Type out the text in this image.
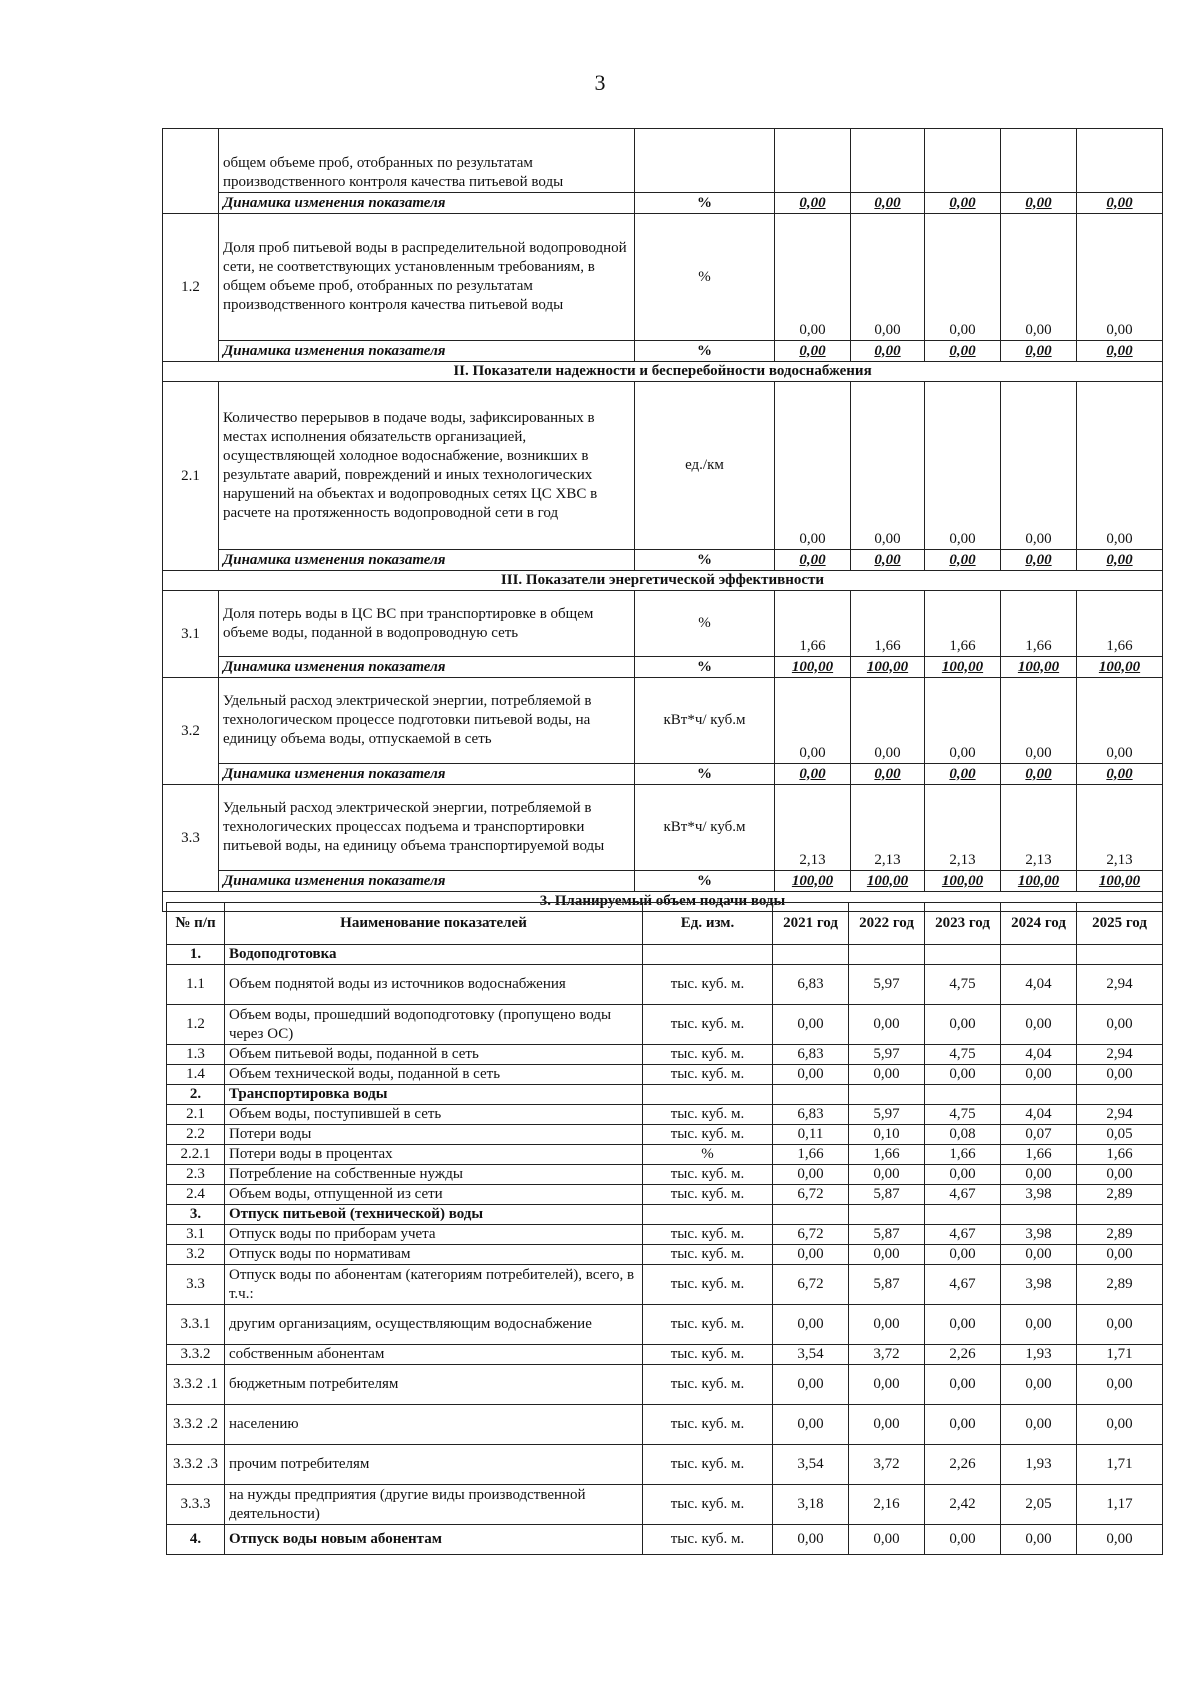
3
	общем объеме проб, отобранных по результатам производственного контроля качества питьевой воды						
	Динамика изменения показателя	%	0,00	0,00	0,00	0,00	0,00
1.2	Доля проб питьевой воды в распределительной водопроводной сети, не соответствующих установленным требованиям, в общем объеме проб, отобранных по результатам производственного контроля качества питьевой воды	%	0,00	0,00	0,00	0,00	0,00
	Динамика изменения показателя	%	0,00	0,00	0,00	0,00	0,00
II. Показатели надежности и бесперебойности водоснабжения							
2.1	Количество перерывов в подаче воды, зафиксированных в местах исполнения обязательств организацией, осуществляющей холодное водоснабжение, возникших в результате аварий, повреждений и иных технологических нарушений на объектах и водопроводных сетях ЦС ХВС в расчете на протяженность водопроводной сети в год	ед./км	0,00	0,00	0,00	0,00	0,00
	Динамика изменения показателя	%	0,00	0,00	0,00	0,00	0,00
III. Показатели энергетической эффективности							
3.1	Доля потерь воды в ЦС ВС при транспортировке в общем объеме воды, поданной в водопроводную сеть	%	1,66	1,66	1,66	1,66	1,66
	Динамика изменения показателя	%	100,00	100,00	100,00	100,00	100,00
3.2	Удельный расход электрической энергии, потребляемой в технологическом процессе подготовки питьевой воды, на единицу объема воды, отпускаемой в сеть	кВт*ч/ куб.м	0,00	0,00	0,00	0,00	0,00
	Динамика изменения показателя	%	0,00	0,00	0,00	0,00	0,00
3.3	Удельный расход электрической энергии, потребляемой в технологических процессах подъема и транспортировки питьевой воды, на единицу объема транспортируемой воды	кВт*ч/ куб.м	2,13	2,13	2,13	2,13	2,13
	Динамика изменения показателя	%	100,00	100,00	100,00	100,00	100,00
3. Планируемый объем подачи воды							
№ п/п	Наименование показателей	Ед. изм.	2021 год	2022 год	2023 год	2024 год	2025 год
1.	Водоподготовка						
1.1	Объем поднятой воды из источников водоснабжения	тыс. куб. м.	6,83	5,97	4,75	4,04	2,94
1.2	Объем воды, прошедший водоподготовку (пропущено воды через ОС)	тыс. куб. м.	0,00	0,00	0,00	0,00	0,00
1.3	Объем питьевой воды, поданной в сеть	тыс. куб. м.	6,83	5,97	4,75	4,04	2,94
1.4	Объем технической воды, поданной в сеть	тыс. куб. м.	0,00	0,00	0,00	0,00	0,00
2.	Транспортировка воды						
2.1	Объем воды, поступившей в сеть	тыс. куб. м.	6,83	5,97	4,75	4,04	2,94
2.2	Потери воды	тыс. куб. м.	0,11	0,10	0,08	0,07	0,05
2.2.1	Потери воды в процентах	%	1,66	1,66	1,66	1,66	1,66
2.3	Потребление на собственные нужды	тыс. куб. м.	0,00	0,00	0,00	0,00	0,00
2.4	Объем воды, отпущенной из сети	тыс. куб. м.	6,72	5,87	4,67	3,98	2,89
3.	Отпуск питьевой (технической) воды						
3.1	Отпуск воды по приборам учета	тыс. куб. м.	6,72	5,87	4,67	3,98	2,89
3.2	Отпуск воды по нормативам	тыс. куб. м.	0,00	0,00	0,00	0,00	0,00
3.3	Отпуск воды по абонентам (категориям потребителей), всего, в т.ч.:	тыс. куб. м.	6,72	5,87	4,67	3,98	2,89
3.3.1	другим организациям, осуществляющим водоснабжение	тыс. куб. м.	0,00	0,00	0,00	0,00	0,00
3.3.2	собственным абонентам	тыс. куб. м.	3,54	3,72	2,26	1,93	1,71
3.3.2 .1	бюджетным потребителям	тыс. куб. м.	0,00	0,00	0,00	0,00	0,00
3.3.2 .2	населению	тыс. куб. м.	0,00	0,00	0,00	0,00	0,00
3.3.2 .3	прочим потребителям	тыс. куб. м.	3,54	3,72	2,26	1,93	1,71
3.3.3	на нужды предприятия (другие виды производственной деятельности)	тыс. куб. м.	3,18	2,16	2,42	2,05	1,17
4.	Отпуск воды новым абонентам	тыс. куб. м.	0,00	0,00	0,00	0,00	0,00
